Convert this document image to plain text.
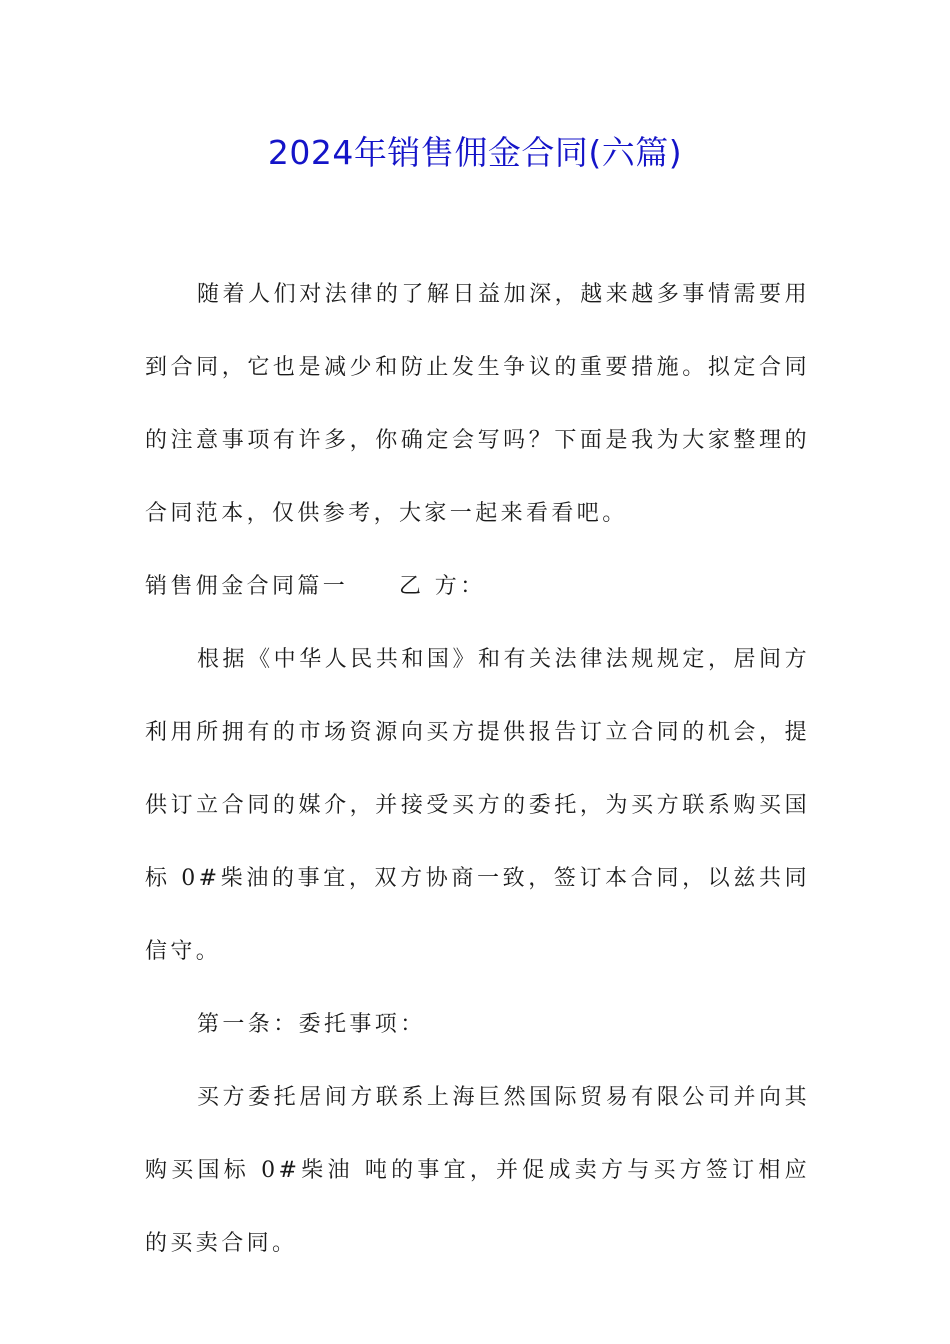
2024年销售佣金合同(六篇)

随着人们对法律的了解日益加深，越来越多事情需要用到合同，它也是减少和防止发生争议的重要措施。拟定合同的注意事项有许多，你确定会写吗？下面是我为大家整理的合同范本，仅供参考，大家一起来看看吧。

销售佣金合同篇一　　乙 方：

根据《中华人民共和国》和有关法律法规规定，居间方利用所拥有的市场资源向买方提供报告订立合同的机会，提供订立合同的媒介，并接受买方的委托，为买方联系购买国标 0#柴油的事宜，双方协商一致，签订本合同，以兹共同信守。

第一条：委托事项：

买方委托居间方联系上海巨然国际贸易有限公司并向其购买国标 0#柴油 吨的事宜，并促成卖方与买方签订相应的买卖合同。
